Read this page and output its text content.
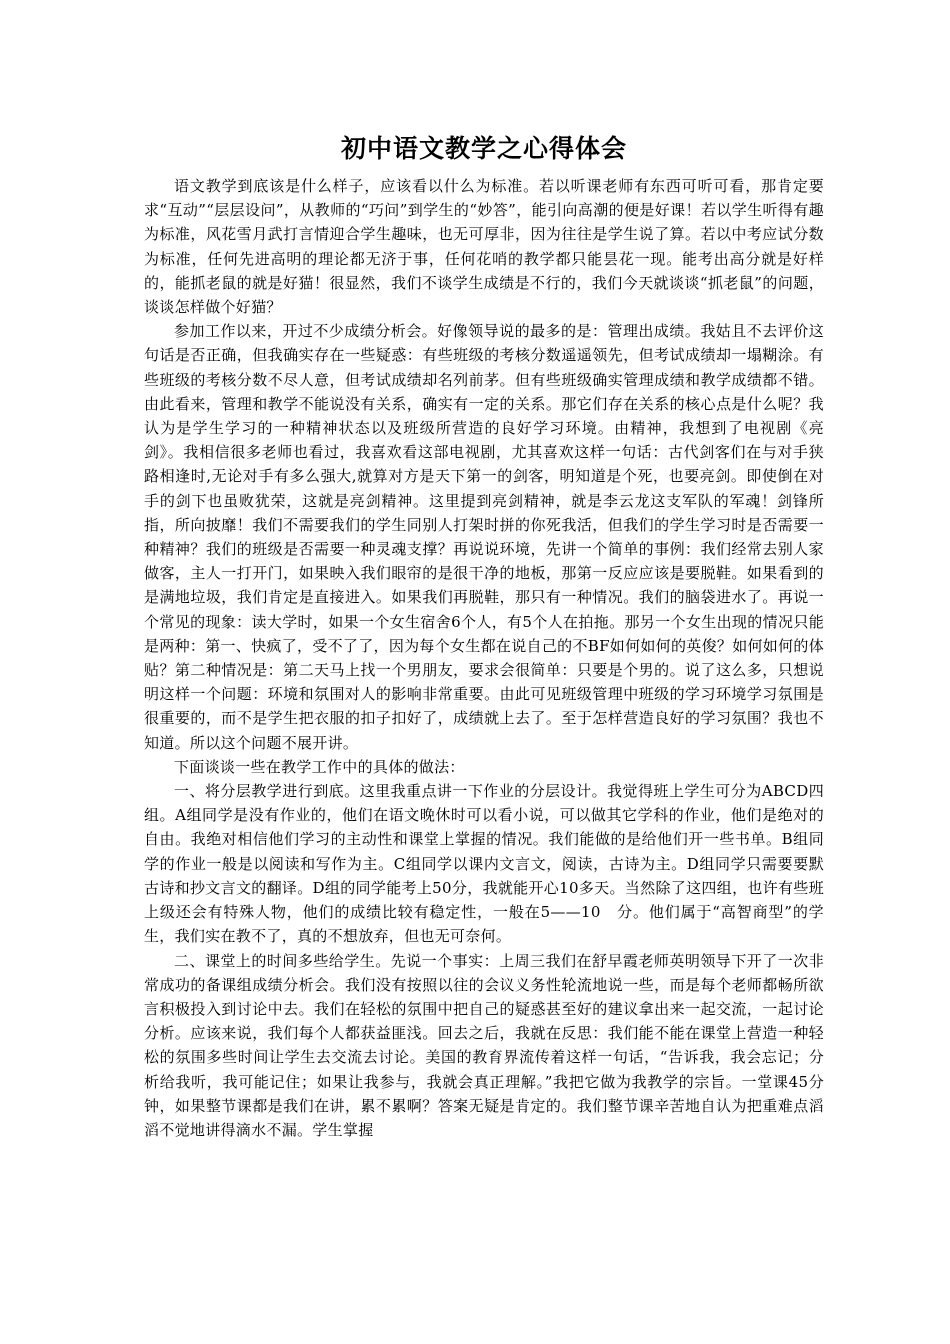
初中语文教学之心得体会

语文教学到底该是什么样子，应该看以什么为标准。若以听课老师有东西可听可看，那肯定要求“互动”“层层设问”，从教师的“巧问”到学生的“妙答”，能引向高潮的便是好课！若以学生听得有趣为标准，风花雪月武打言情迎合学生趣味，也无可厚非，因为往往是学生说了算。若以中考应试分数为标准，任何先进高明的理论都无济于事，任何花哨的教学都只能昙花一现。能考出高分就是好样的，能抓老鼠的就是好猫！很显然，我们不谈学生成绩是不行的，我们今天就谈谈“抓老鼠”的问题，谈谈怎样做个好猫？

参加工作以来，开过不少成绩分析会。好像领导说的最多的是：管理出成绩。我姑且不去评价这句话是否正确，但我确实存在一些疑惑：有些班级的考核分数遥遥领先，但考试成绩却一塌糊涂。有些班级的考核分数不尽人意，但考试成绩却名列前茅。但有些班级确实管理成绩和教学成绩都不错。由此看来，管理和教学不能说没有关系，确实有一定的关系。那它们存在关系的核心点是什么呢？我认为是学生学习的一种精神状态以及班级所营造的良好学习环境。由精神，我想到了电视剧《亮剑》。我相信很多老师也看过，我喜欢看这部电视剧，尤其喜欢这样一句话：古代剑客们在与对手狭路相逢时,无论对手有多么强大,就算对方是天下第一的剑客，明知道是个死，也要亮剑。即使倒在对手的剑下也虽败犹荣，这就是亮剑精神。这里提到亮剑精神，就是李云龙这支军队的军魂！剑锋所指，所向披靡！我们不需要我们的学生同别人打架时拼的你死我活，但我们的学生学习时是否需要一种精神？我们的班级是否需要一种灵魂支撑？再说说环境，先讲一个简单的事例：我们经常去别人家做客，主人一打开门，如果映入我们眼帘的是很干净的地板，那第一反应应该是要脱鞋。如果看到的是满地垃圾，我们肯定是直接进入。如果我们再脱鞋，那只有一种情况。我们的脑袋进水了。再说一个常见的现象：读大学时，如果一个女生宿舍6个人，有5个人在拍拖。那另一个女生出现的情况只能是两种：第一、快疯了，受不了了，因为每个女生都在说自己的不BF如何如何的英俊？如何如何的体贴？第二种情况是：第二天马上找一个男朋友，要求会很简单：只要是个男的。说了这么多，只想说明这样一个问题：环境和氛围对人的影响非常重要。由此可见班级管理中班级的学习环境学习氛围是很重要的，而不是学生把衣服的扣子扣好了，成绩就上去了。至于怎样营造良好的学习氛围？我也不知道。所以这个问题不展开讲。

下面谈谈一些在教学工作中的具体的做法：

一、将分层教学进行到底。这里我重点讲一下作业的分层设计。我觉得班上学生可分为ABCD四组。A组同学是没有作业的，他们在语文晚休时可以看小说，可以做其它学科的作业，他们是绝对的自由。我绝对相信他们学习的主动性和课堂上掌握的情况。我们能做的是给他们开一些书单。B组同学的作业一般是以阅读和写作为主。C组同学以课内文言文，阅读，古诗为主。D组同学只需要要默古诗和抄文言文的翻译。D组的同学能考上50分，我就能开心10多天。当然除了这四组，也许有些班上级还会有特殊人物，他们的成绩比较有稳定性，一般在5——10　分。他们属于“高智商型”的学生，我们实在教不了，真的不想放弃，但也无可奈何。

二、课堂上的时间多些给学生。先说一个事实：上周三我们在舒早霞老师英明领导下开了一次非常成功的备课组成绩分析会。我们没有按照以往的会议义务性轮流地说一些，而是每个老师都畅所欲言积极投入到讨论中去。我们在轻松的氛围中把自己的疑惑甚至好的建议拿出来一起交流，一起讨论分析。应该来说，我们每个人都获益匪浅。回去之后，我就在反思：我们能不能在课堂上营造一种轻松的氛围多些时间让学生去交流去讨论。美国的教育界流传着这样一句话，“告诉我，我会忘记；分析给我听，我可能记住；如果让我参与，我就会真正理解。”我把它做为我教学的宗旨。一堂课45分钟，如果整节课都是我们在讲，累不累啊？答案无疑是肯定的。我们整节课辛苦地自认为把重难点滔滔不觉地讲得滴水不漏。学生掌握
